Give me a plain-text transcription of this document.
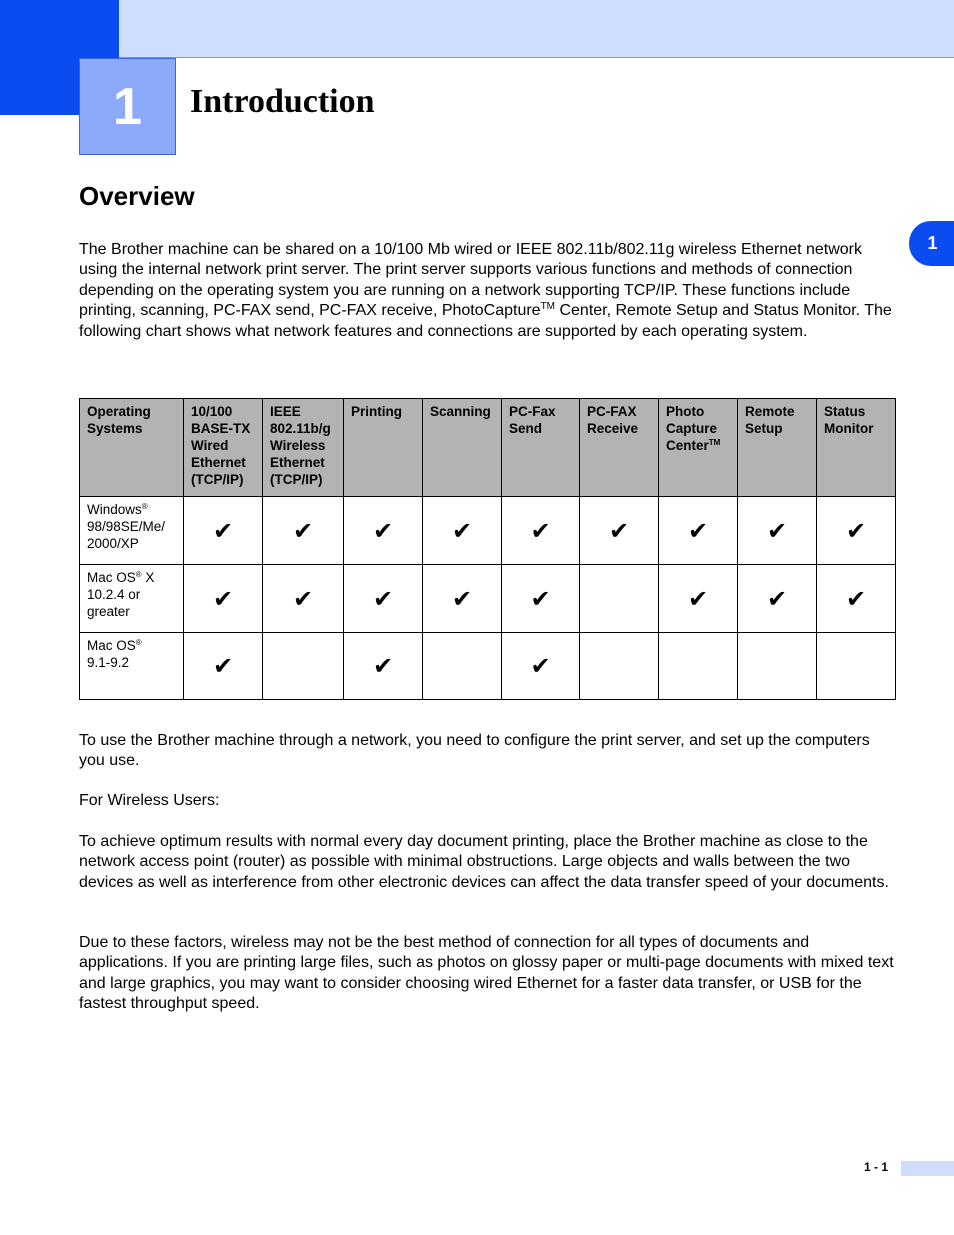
1 Introduction
1
Overview

The Brother machine can be shared on a 10/100 Mb wired or IEEE 802.11b/802.11g wireless Ethernet network using the internal network print server. The print server supports various functions and methods of connection depending on the operating system you are running on a network supporting TCP/IP. These functions include printing, scanning, PC-FAX send, PC-FAX receive, PhotoCapture™ Center, Remote Setup and Status Monitor. The following chart shows what network features and connections are supported by each operating system.

Operating Systems	10/100 BASE-TX Wired Ethernet (TCP/IP)	IEEE 802.11b/g Wireless Ethernet (TCP/IP)	Printing	Scanning	PC-Fax Send	PC-FAX Receive	Photo Capture Center™	Remote Setup	Status Monitor
Windows®
98/98SE/Me/ 2000/XP	✔	✔	✔	✔	✔	✔	✔	✔	✔
Mac OS® X 10.2.4 or greater	✔	✔	✔	✔	✔		✔	✔	✔
Mac OS®
9.1-9.2	✔		✔		✔				

To use the Brother machine through a network, you need to configure the print server, and set up the computers you use.

For Wireless Users:

To achieve optimum results with normal every day document printing, place the Brother machine as close to the network access point (router) as possible with minimal obstructions. Large objects and walls between the two devices as well as interference from other electronic devices can affect the data transfer speed of your documents.

Due to these factors, wireless may not be the best method of connection for all types of documents and applications. If you are printing large files, such as photos on glossy paper or multi-page documents with mixed text and large graphics, you may want to consider choosing wired Ethernet for a faster data transfer, or USB for the fastest throughput speed.

1 - 1
